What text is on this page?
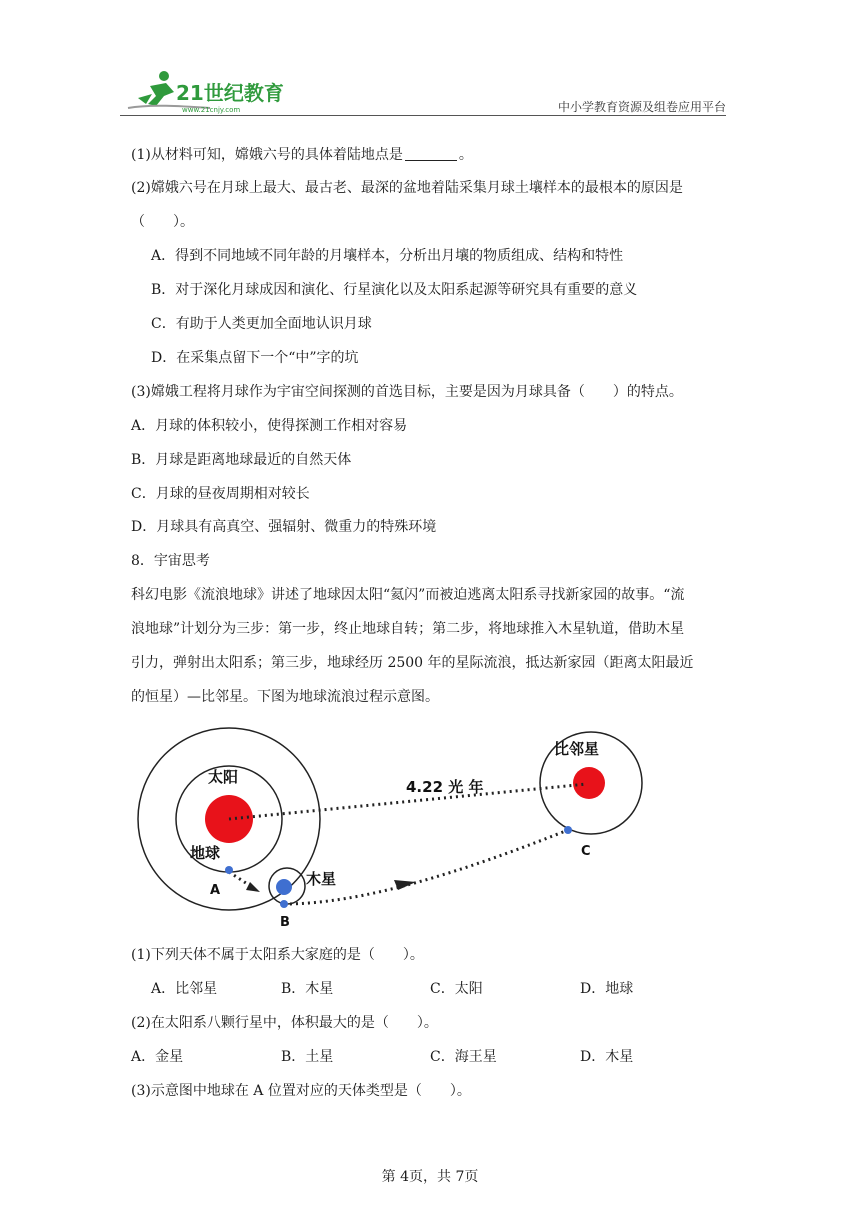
21世纪教育
www.21cnjy.com	中小学教育资源及组卷应用平台
(1)从材料可知，嫦娥六号的具体着陆地点是	。
(2)嫦娥六号在月球上最大、最古老、最深的盆地着陆采集月球土壤样本的最根本的原因是
（　　）。
A．得到不同地域不同年龄的月壤样本，分析出月壤的物质组成、结构和特性
B．对于深化月球成因和演化、行星演化以及太阳系起源等研究具有重要的意义
C．有助于人类更加全面地认识月球
D．在采集点留下一个“中”字的坑
(3)嫦娥工程将月球作为宇宙空间探测的首选目标，主要是因为月球具备（　　）的特点。
A．月球的体积较小，使得探测工作相对容易
B．月球是距离地球最近的自然天体
C．月球的昼夜周期相对较长
D．月球具有高真空、强辐射、微重力的特殊环境
8．宇宙思考
科幻电影《流浪地球》讲述了地球因太阳“氦闪”而被迫逃离太阳系寻找新家园的故事。“流
浪地球”计划分为三步：第一步，终止地球自转；第二步，将地球推入木星轨道，借助木星
引力，弹射出太阳系；第三步，地球经历 2500 年的星际流浪，抵达新家园（距离太阳最近
的恒星）—比邻星。下图为地球流浪过程示意图。
太阳
地球
木星
比邻星
4.22 光 年
A
B
C
(1)下列天体不属于太阳系大家庭的是（　　）。
A．比邻星	B．木星	C．太阳	D．地球
(2)在太阳系八颗行星中，体积最大的是（　　）。
A．金星	B．土星	C．海王星	D．木星
(3)示意图中地球在 A 位置对应的天体类型是（　　）。
第 4页，共 7页
